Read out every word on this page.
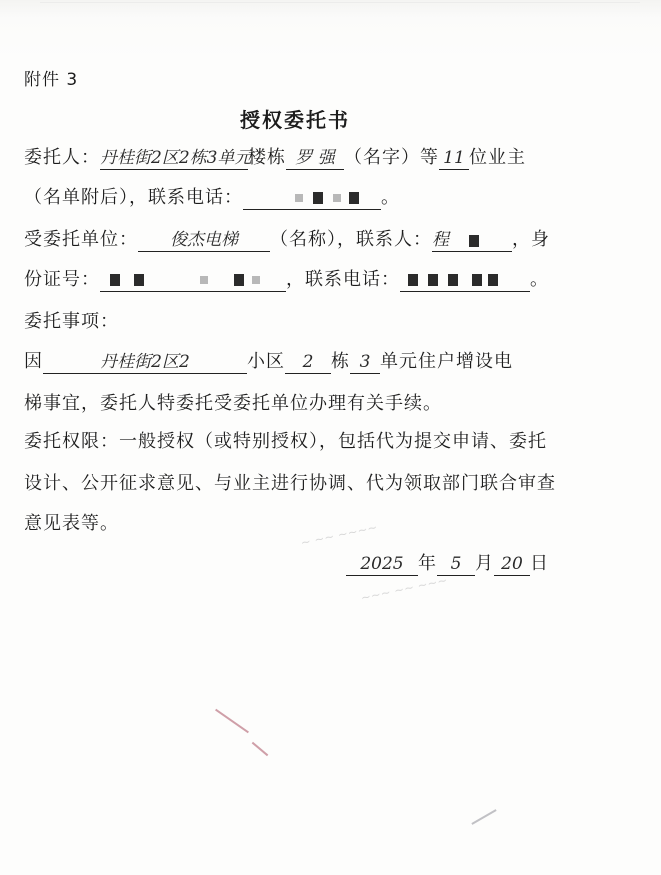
附件 3
授权委托书
委托人：丹桂街2区2栋3单元楼栋 罗 强 （名字）等 11 位业主
（名单附后），联系电话：	。
受委托单位： 俊杰电梯 （名称），联系人：程	，身
份证号：	，联系电话：	。
委托事项：
因	丹桂街2区2	小区 2 栋 3 单元住户增设电
梯事宜，委托人特委托受委托单位办理有关手续。
委托权限：一般授权（或特别授权），包括代为提交申请、委托
设计、公开征求意见、与业主进行协调、代为领取部门联合审查
意见表等。
2025 年 5 月 20 日
~ ~~ ~~~~
~~~ ~~ ~~~
